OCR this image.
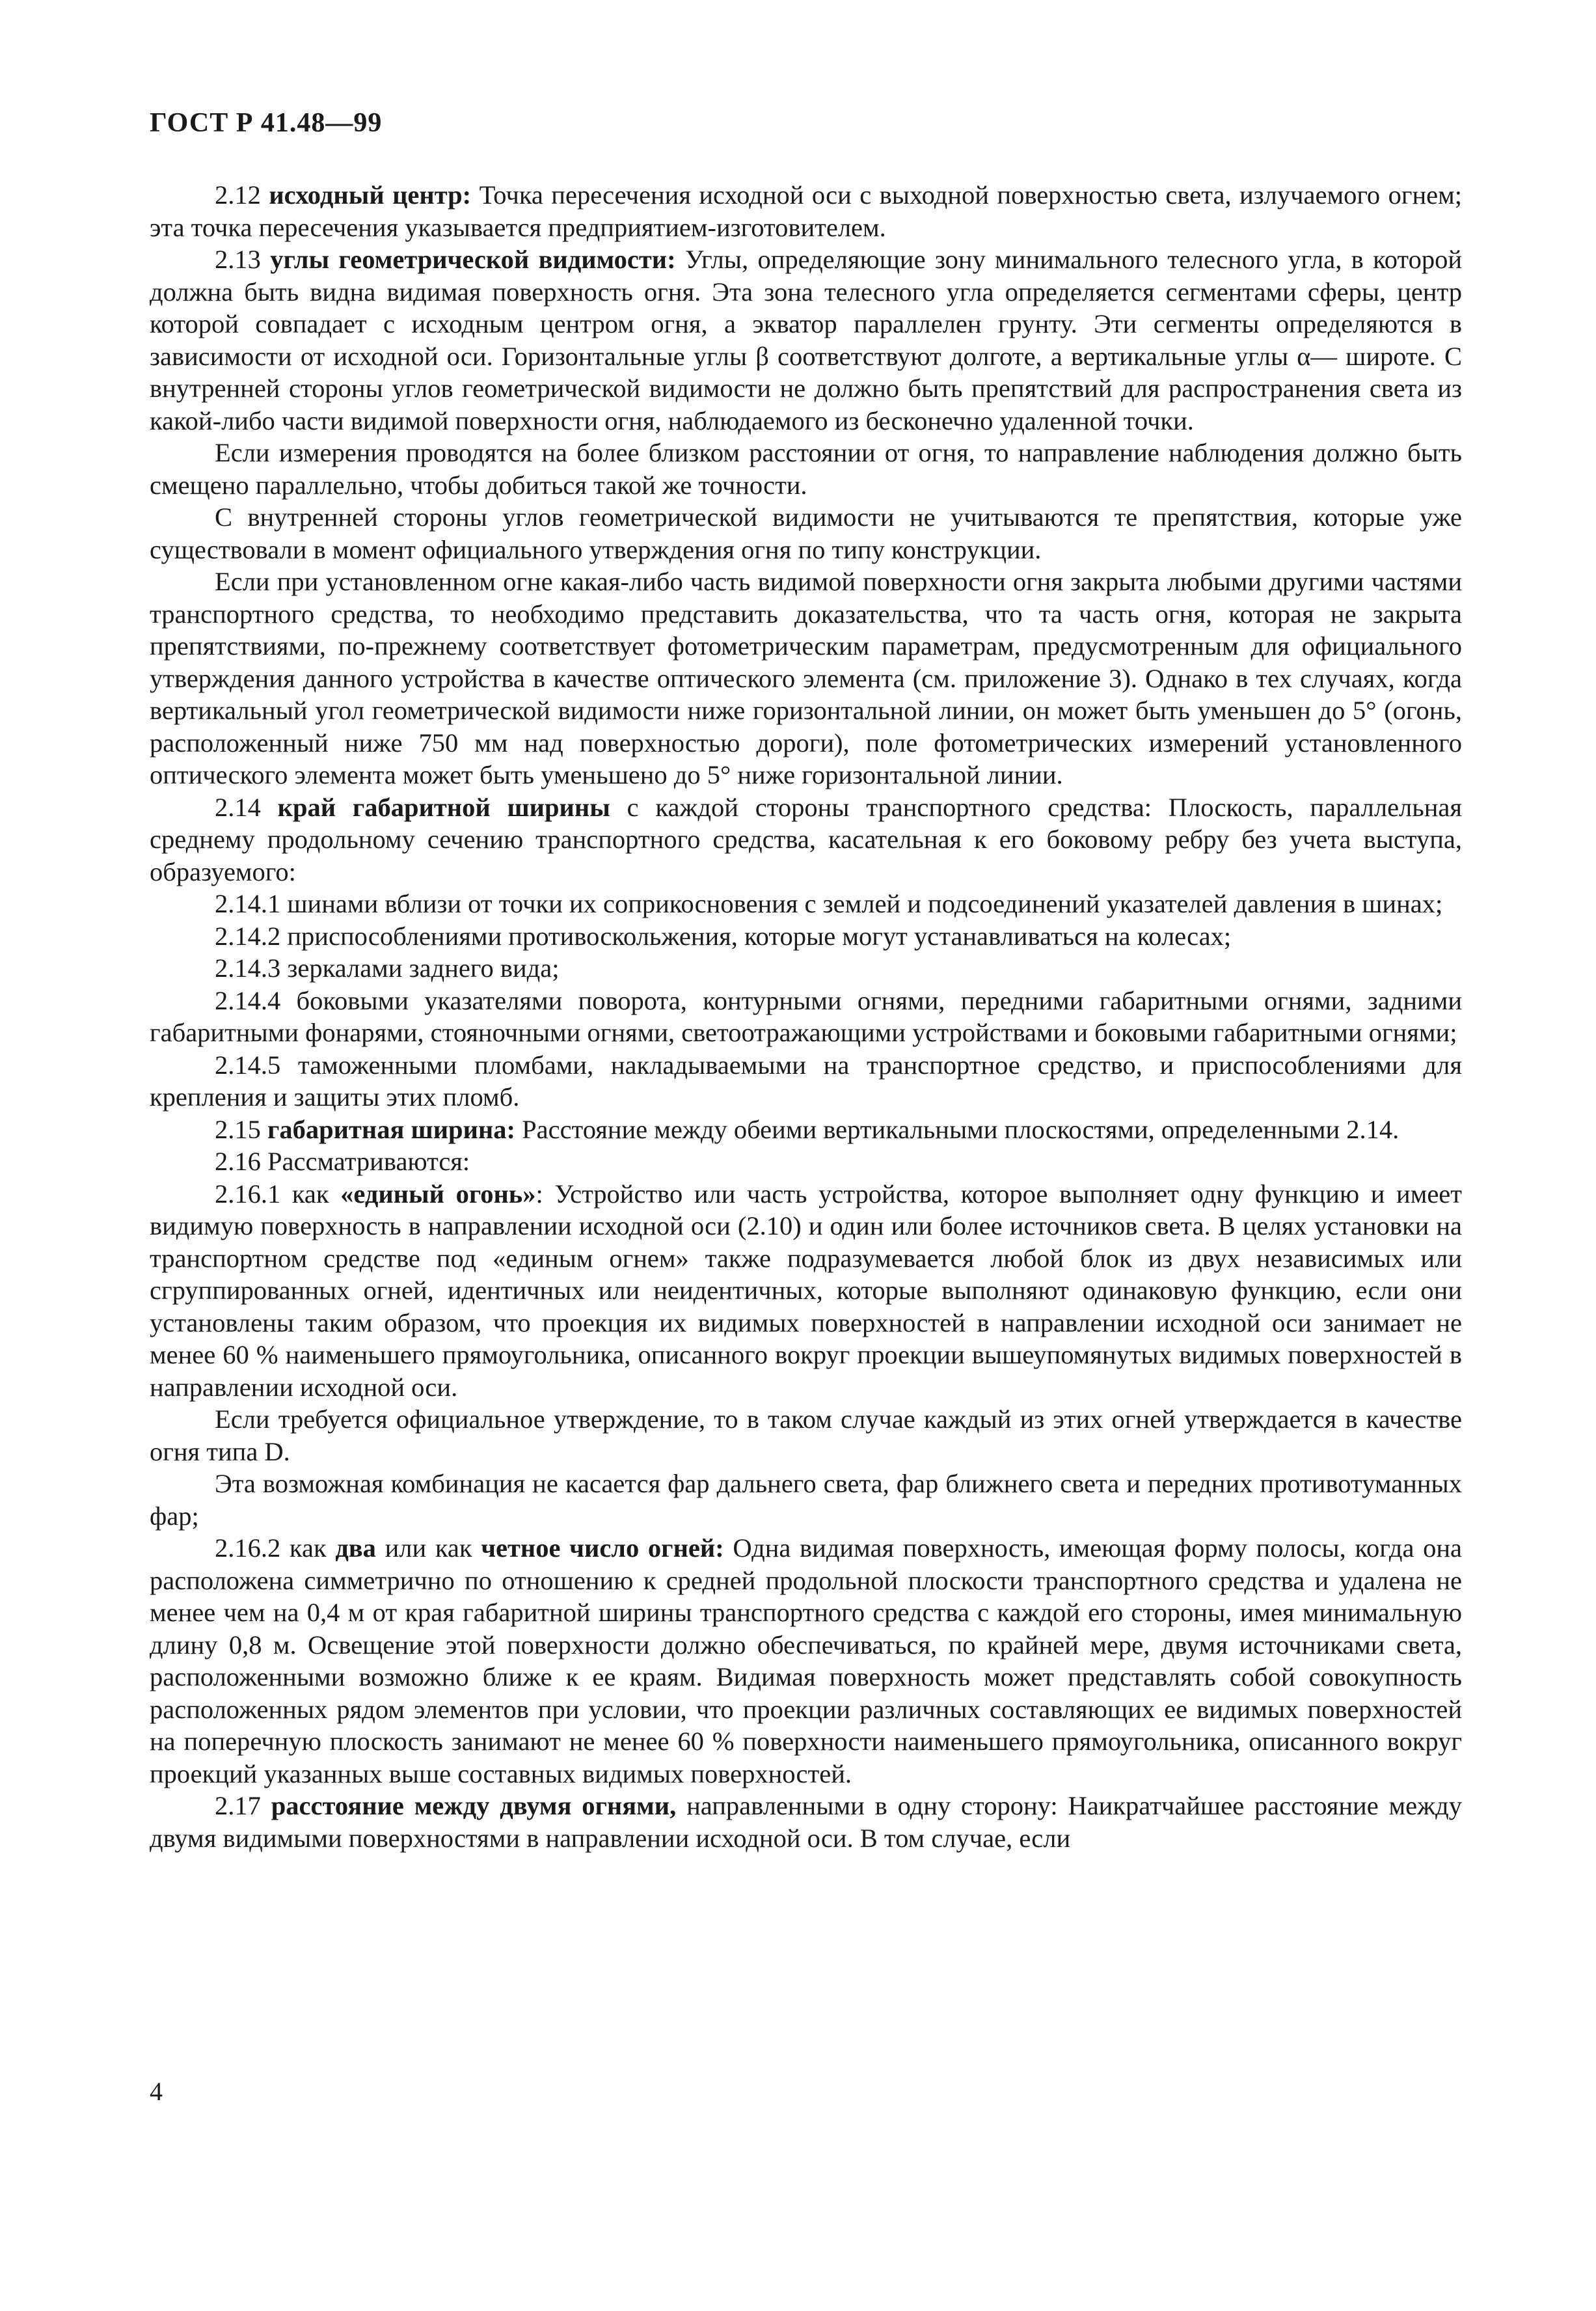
ГОСТ Р 41.48—99

2.12 исходный центр: Точка пересечения исходной оси с выходной поверхностью света, излучаемого огнем; эта точка пересечения указывается предприятием-изготовителем.

2.13 углы геометрической видимости: Углы, определяющие зону минимального телесного угла, в которой должна быть видна видимая поверхность огня. Эта зона телесного угла определяется сегментами сферы, центр которой совпадает с исходным центром огня, а экватор параллелен грунту. Эти сегменты определяются в зависимости от исходной оси. Горизонтальные углы β соответствуют долготе, а вертикальные углы α— широте. С внутренней стороны углов геометрической видимости не должно быть препятствий для распространения света из какой-либо части видимой поверхности огня, наблюдаемого из бесконечно удаленной точки.

Если измерения проводятся на более близком расстоянии от огня, то направление наблюдения должно быть смещено параллельно, чтобы добиться такой же точности.

С внутренней стороны углов геометрической видимости не учитываются те препятствия, которые уже существовали в момент официального утверждения огня по типу конструкции.

Если при установленном огне какая-либо часть видимой поверхности огня закрыта любыми другими частями транспортного средства, то необходимо представить доказательства, что та часть огня, которая не закрыта препятствиями, по-прежнему соответствует фотометрическим параметрам, предусмотренным для официального утверждения данного устройства в качестве оптического элемента (см. приложение 3). Однако в тех случаях, когда вертикальный угол геометрической видимости ниже горизонтальной линии, он может быть уменьшен до 5° (огонь, расположенный ниже 750 мм над поверхностью дороги), поле фотометрических измерений установленного оптического элемента может быть уменьшено до 5° ниже горизонтальной линии.

2.14 край габаритной ширины с каждой стороны транспортного средства: Плоскость, параллельная среднему продольному сечению транспортного средства, касательная к его боковому ребру без учета выступа, образуемого:

2.14.1 шинами вблизи от точки их соприкосновения с землей и подсоединений указателей давления в шинах;

2.14.2 приспособлениями противоскольжения, которые могут устанавливаться на колесах;

2.14.3 зеркалами заднего вида;

2.14.4 боковыми указателями поворота, контурными огнями, передними габаритными огнями, задними габаритными фонарями, стояночными огнями, светоотражающими устройствами и боковыми габаритными огнями;

2.14.5 таможенными пломбами, накладываемыми на транспортное средство, и приспособлениями для крепления и защиты этих пломб.

2.15 габаритная ширина: Расстояние между обеими вертикальными плоскостями, определенными 2.14.

2.16 Рассматриваются:

2.16.1 как «единый огонь»: Устройство или часть устройства, которое выполняет одну функцию и имеет видимую поверхность в направлении исходной оси (2.10) и один или более источников света. В целях установки на транспортном средстве под «единым огнем» также подразумевается любой блок из двух независимых или сгруппированных огней, идентичных или неидентичных, которые выполняют одинаковую функцию, если они установлены таким образом, что проекция их видимых поверхностей в направлении исходной оси занимает не менее 60 % наименьшего прямоугольника, описанного вокруг проекции вышеупомянутых видимых поверхностей в направлении исходной оси.

Если требуется официальное утверждение, то в таком случае каждый из этих огней утверждается в качестве огня типа D.

Эта возможная комбинация не касается фар дальнего света, фар ближнего света и передних противотуманных фар;

2.16.2 как два или как четное число огней: Одна видимая поверхность, имеющая форму полосы, когда она расположена симметрично по отношению к средней продольной плоскости транспортного средства и удалена не менее чем на 0,4 м от края габаритной ширины транспортного средства с каждой его стороны, имея минимальную длину 0,8 м. Освещение этой поверхности должно обеспечиваться, по крайней мере, двумя источниками света, расположенными возможно ближе к ее краям. Видимая поверхность может представлять собой совокупность расположенных рядом элементов при условии, что проекции различных составляющих ее видимых поверхностей на поперечную плоскость занимают не менее 60 % поверхности наименьшего прямоугольника, описанного вокруг проекций указанных выше составных видимых поверхностей.

2.17 расстояние между двумя огнями, направленными в одну сторону: Наикратчайшее расстояние между двумя видимыми поверхностями в направлении исходной оси. В том случае, если

4
